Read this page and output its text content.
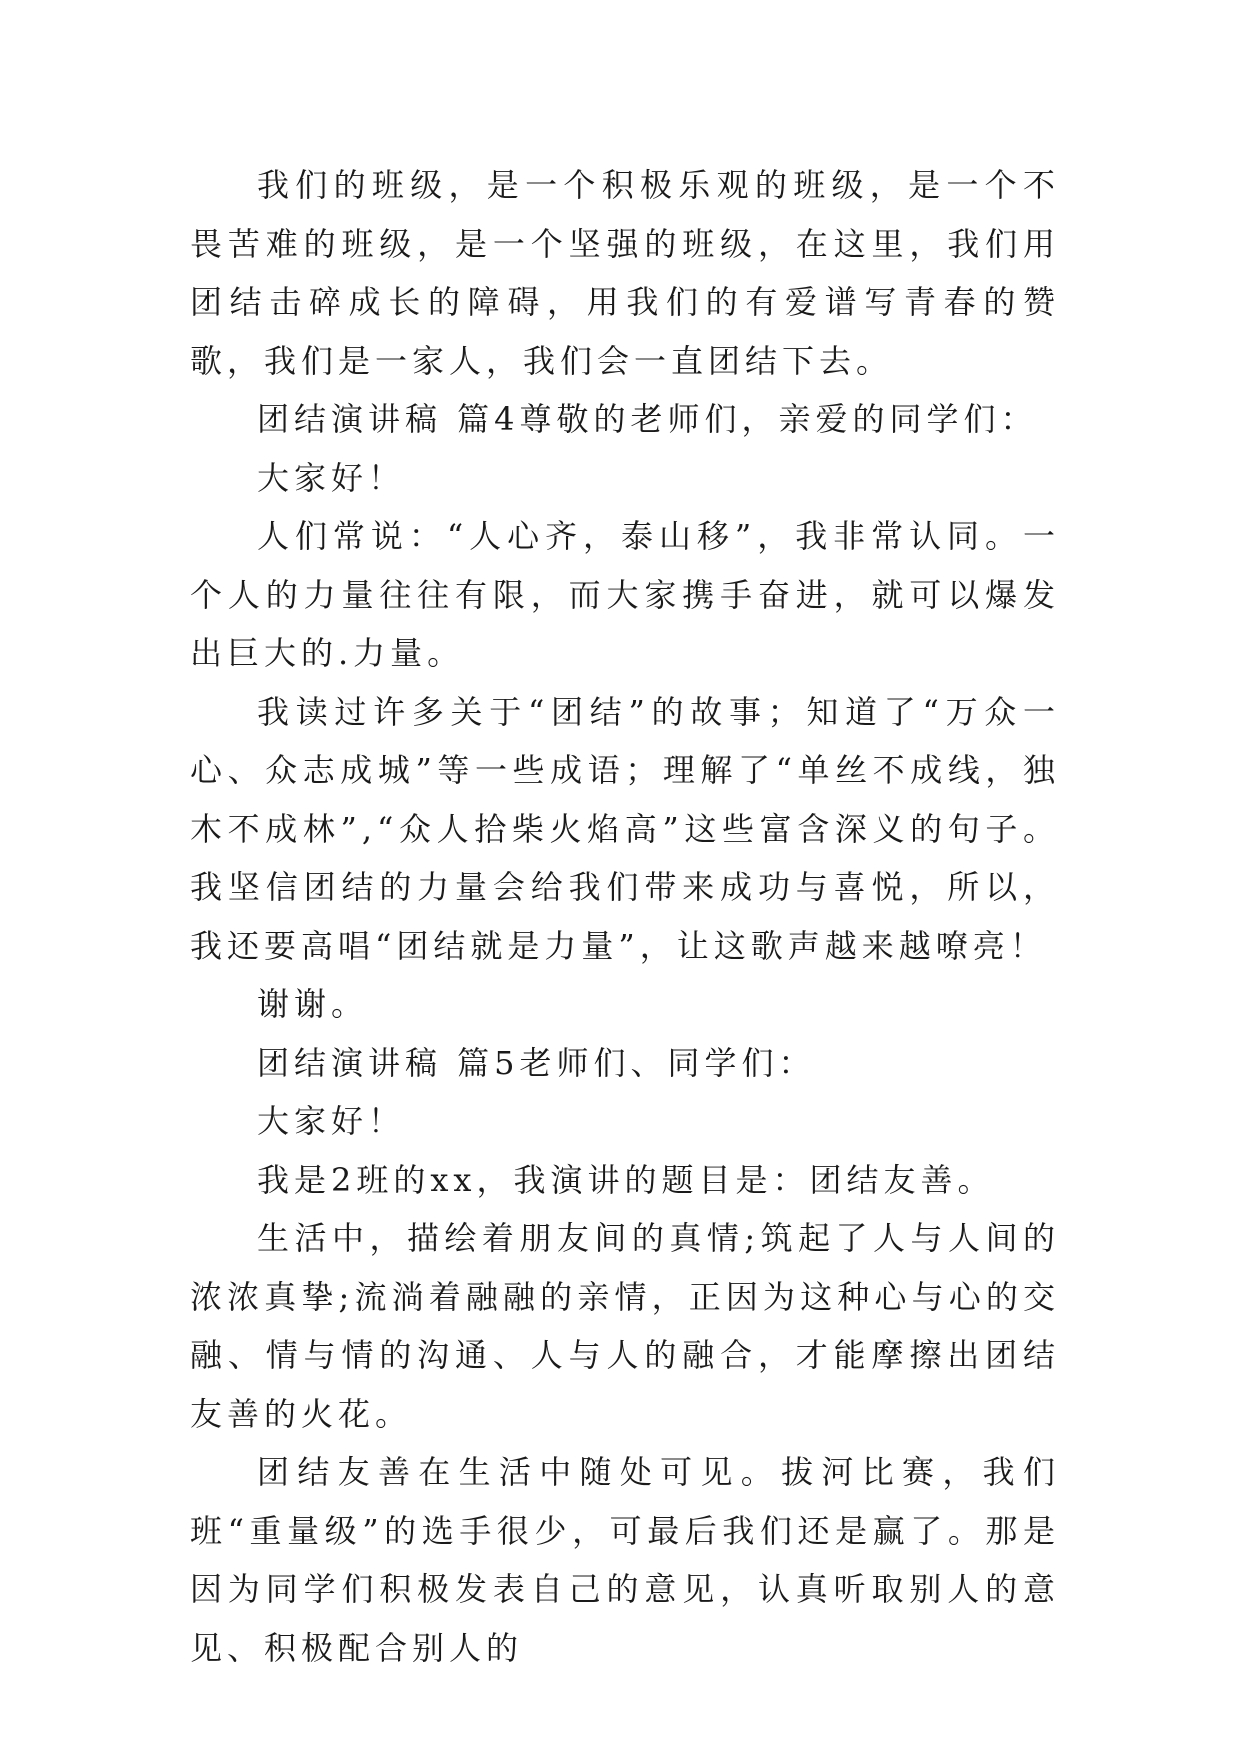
我们的班级，是一个积极乐观的班级，是一个不畏苦难的班级，是一个坚强的班级，在这里，我们用团结击碎成长的障碍，用我们的有爱谱写青春的赞歌，我们是一家人，我们会一直团结下去。

团结演讲稿 篇4尊敬的老师们，亲爱的同学们：

大家好！

人们常说：“人心齐，泰山移”，我非常认同。一个人的力量往往有限，而大家携手奋进，就可以爆发出巨大的.力量。

我读过许多关于“团结”的故事；知道了“万众一心、众志成城”等一些成语；理解了“单丝不成线，独木不成林”,“众人拾柴火焰高”这些富含深义的句子。我坚信团结的力量会给我们带来成功与喜悦，所以，我还要高唱“团结就是力量”，让这歌声越来越嘹亮！

谢谢。

团结演讲稿 篇5老师们、同学们：

大家好！

我是2班的xx，我演讲的题目是：团结友善。

生活中，描绘着朋友间的真情;筑起了人与人间的浓浓真挚;流淌着融融的亲情，正因为这种心与心的交融、情与情的沟通、人与人的融合，才能摩擦出团结友善的火花。

团结友善在生活中随处可见。拔河比赛，我们班“重量级”的选手很少，可最后我们还是赢了。那是因为同学们积极发表自己的意见，认真听取别人的意见、积极配合别人的
